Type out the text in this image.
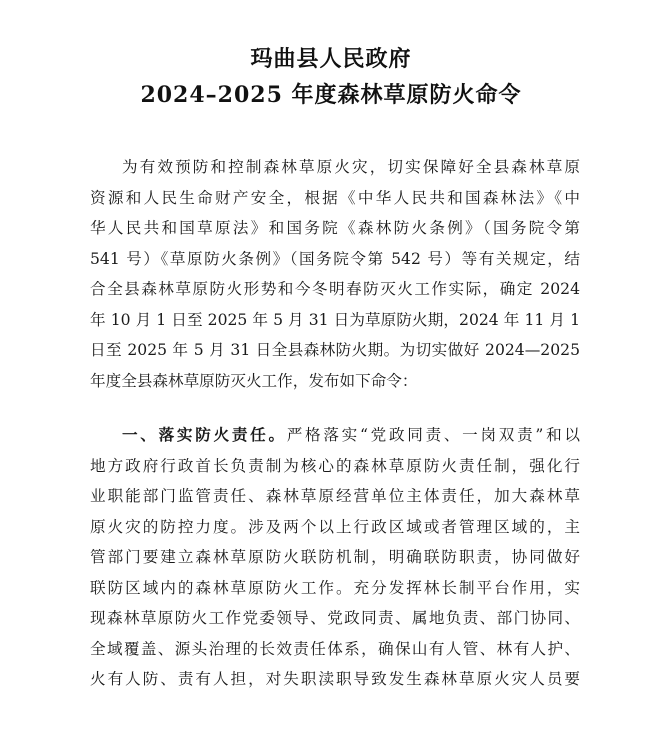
玛曲县人民政府
2024–2025 年度森林草原防火命令
为有效预防和控制森林草原火灾，切实保障好全县森林草原
资源和人民生命财产安全，根据《中华人民共和国森林法》《中
华人民共和国草原法》和国务院《森林防火条例》（国务院令第
541 号）《草原防火条例》（国务院令第 542 号）等有关规定，结
合全县森林草原防火形势和今冬明春防灭火工作实际，确定 2024
年 10 月 1 日至 2025 年 5 月 31 日为草原防火期，2024 年 11 月 1
日至 2025 年 5 月 31 日全县森林防火期。为切实做好 2024—2025
年度全县森林草原防灭火工作，发布如下命令：
一、落实防火责任。严格落实“党政同责、一岗双责”和以
地方政府行政首长负责制为核心的森林草原防火责任制，强化行
业职能部门监管责任、森林草原经营单位主体责任，加大森林草
原火灾的防控力度。涉及两个以上行政区域或者管理区域的，主
管部门要建立森林草原防火联防机制，明确联防职责，协同做好
联防区域内的森林草原防火工作。充分发挥林长制平台作用，实
现森林草原防火工作党委领导、党政同责、属地负责、部门协同、
全域覆盖、源头治理的长效责任体系，确保山有人管、林有人护、
火有人防、责有人担，对失职渎职导致发生森林草原火灾人员要
